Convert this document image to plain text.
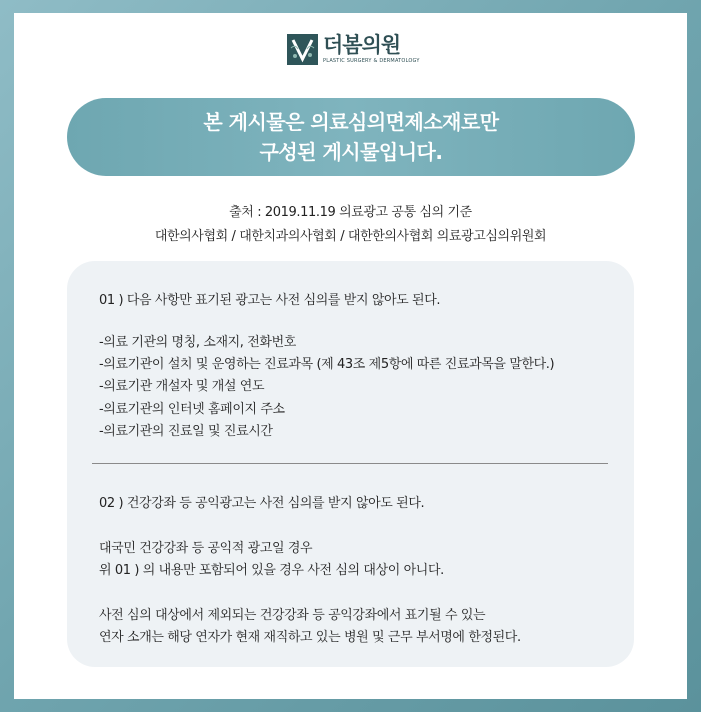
더봄의원
PLASTIC SURGERY & DERMATOLOGY
본 게시물은 의료심의면제소재로만
구성된 게시물입니다.
출처 : 2019.11.19 의료광고 공통 심의 기준
대한의사협회 / 대한치과의사협회 / 대한한의사협회 의료광고심의위원회
01 ) 다음 사항만 표기된 광고는 사전 심의를 받지 않아도 된다.
-의료 기관의 명칭, 소재지, 전화번호
-의료기관이 설치 및 운영하는 진료과목 (제 43조 제5항에 따른 진료과목을 말한다.)
-의료기관 개설자 및 개설 연도
-의료기관의 인터넷 홈페이지 주소
-의료기관의 진료일 및 진료시간
02 ) 건강강좌 등 공익광고는 사전 심의를 받지 않아도 된다.
대국민 건강강좌 등 공익적 광고일 경우
위 01 ) 의 내용만 포함되어 있을 경우 사전 심의 대상이 아니다.
사전 심의 대상에서 제외되는 건강강좌 등 공익강좌에서 표기될 수 있는
연자 소개는 해당 연자가 현재 재직하고 있는 병원 및 근무 부서명에 한정된다.
